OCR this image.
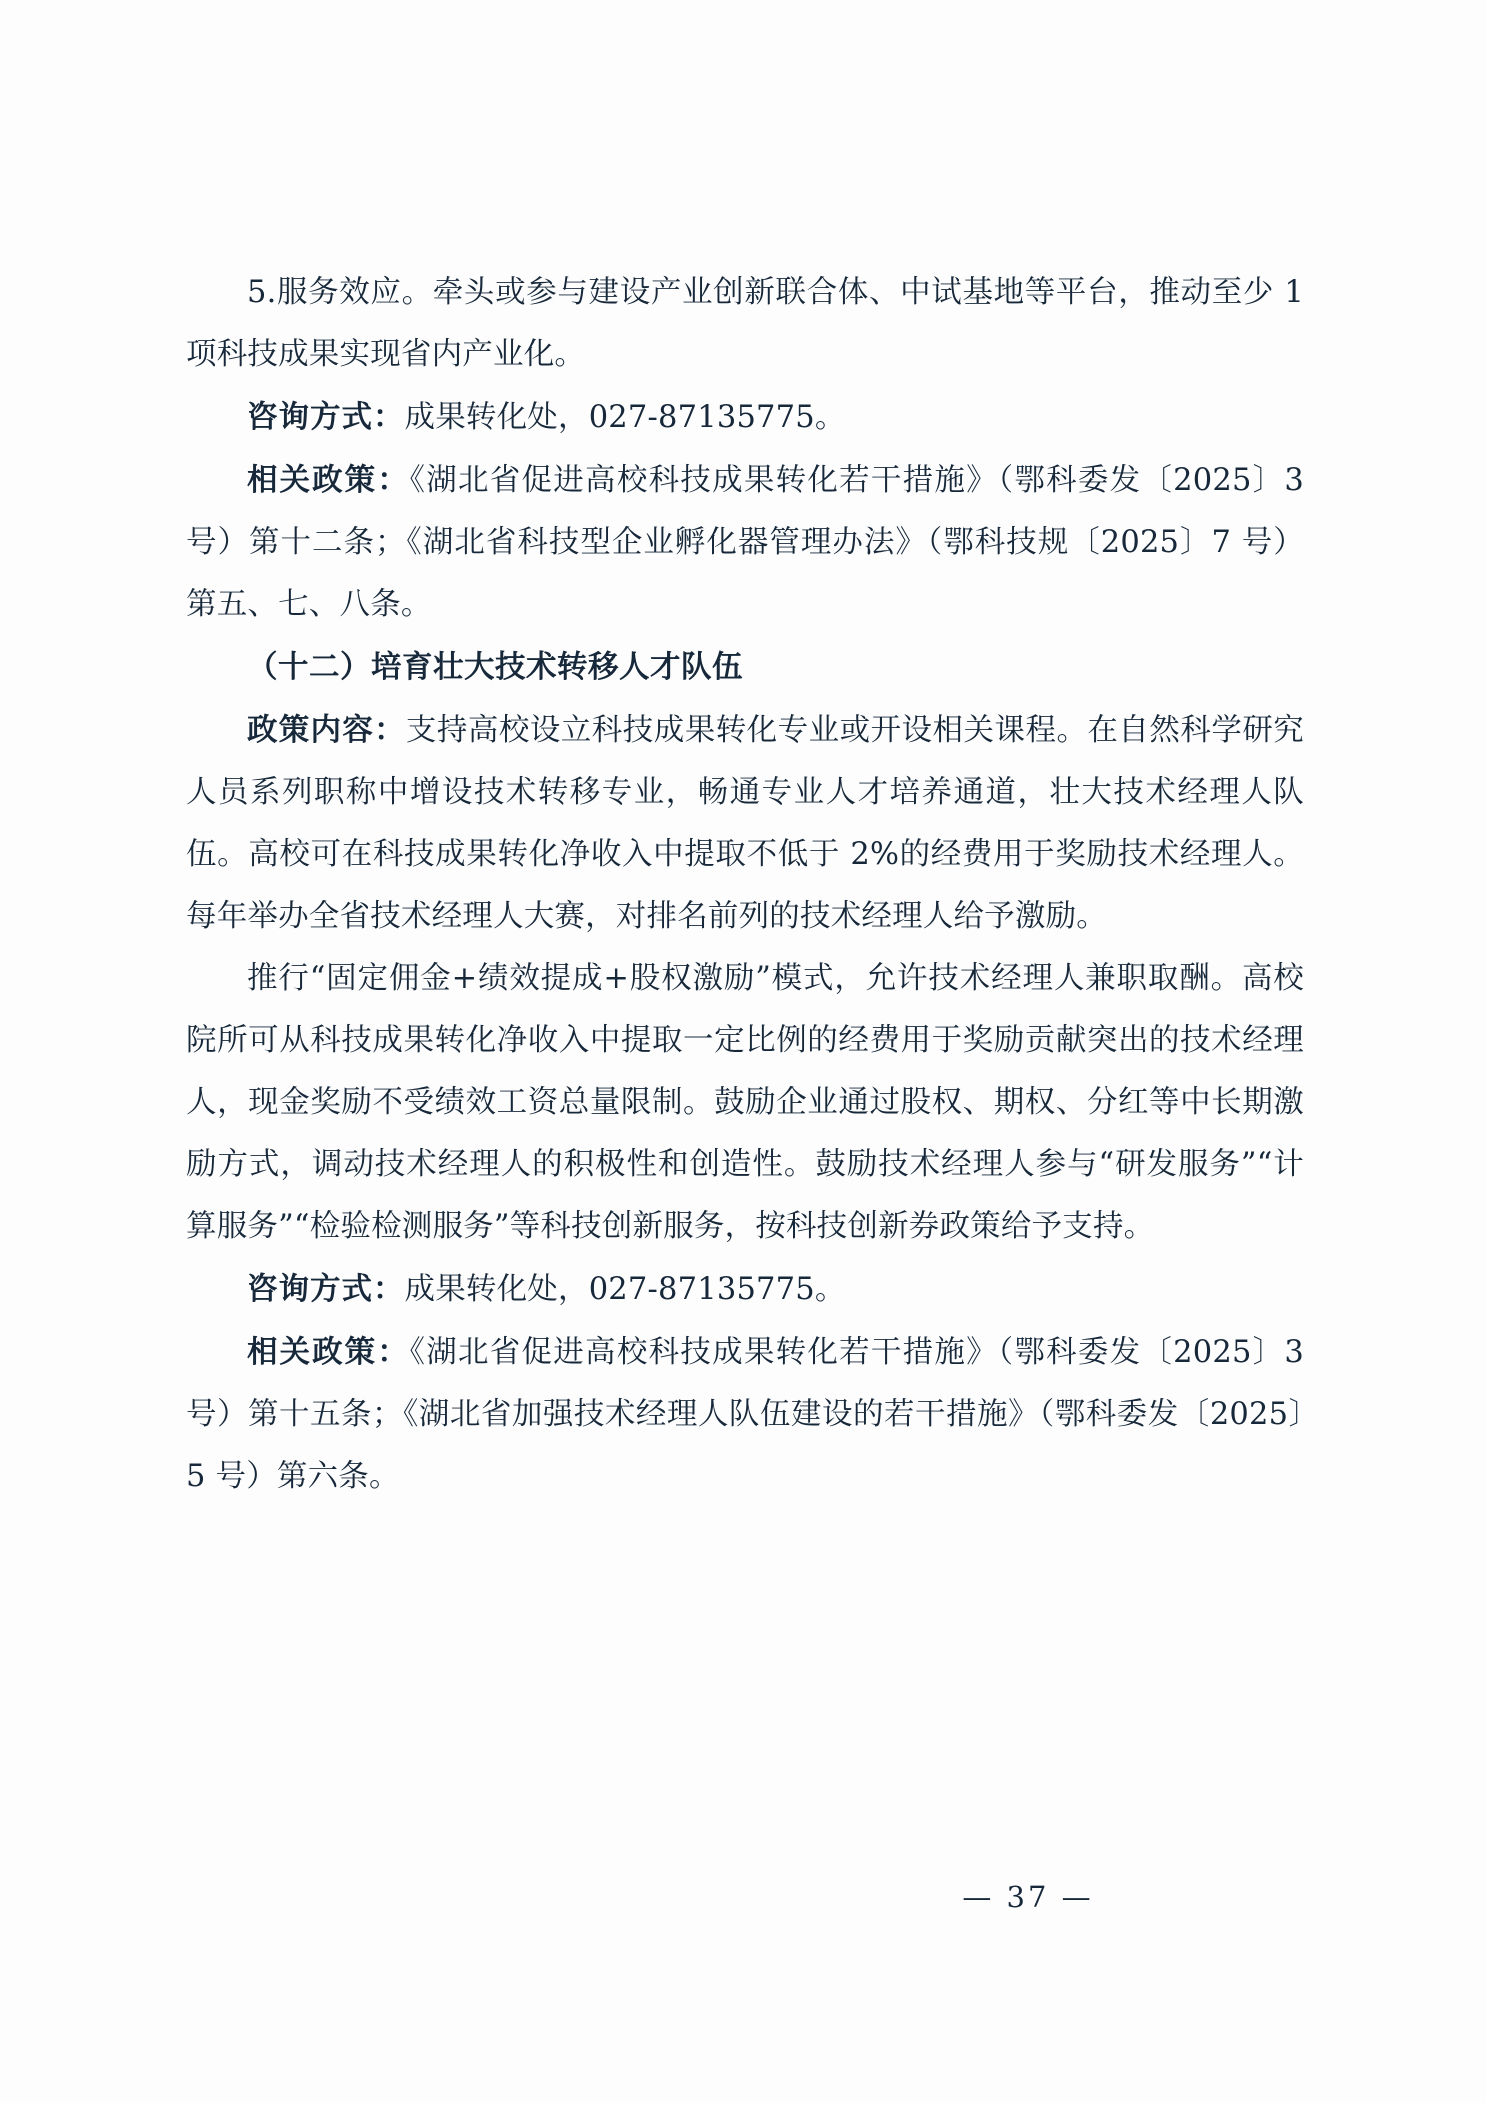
5.服务效应。牵头或参与建设产业创新联合体、中试基地等平台，推动至少 1 项科技成果实现省内产业化。

咨询方式：成果转化处，027-87135775。

相关政策：《湖北省促进高校科技成果转化若干措施》（鄂科委发〔2025〕3 号）第十二条；《湖北省科技型企业孵化器管理办法》（鄂科技规〔2025〕7 号）第五、七、八条。

（十二）培育壮大技术转移人才队伍

政策内容：支持高校设立科技成果转化专业或开设相关课程。在自然科学研究人员系列职称中增设技术转移专业，畅通专业人才培养通道，壮大技术经理人队伍。高校可在科技成果转化净收入中提取不低于 2%的经费用于奖励技术经理人。每年举办全省技术经理人大赛，对排名前列的技术经理人给予激励。

推行“固定佣金+绩效提成+股权激励”模式，允许技术经理人兼职取酬。高校院所可从科技成果转化净收入中提取一定比例的经费用于奖励贡献突出的技术经理人，现金奖励不受绩效工资总量限制。鼓励企业通过股权、期权、分红等中长期激励方式，调动技术经理人的积极性和创造性。鼓励技术经理人参与“研发服务”“计算服务”“检验检测服务”等科技创新服务，按科技创新券政策给予支持。

咨询方式：成果转化处，027-87135775。

相关政策：《湖北省促进高校科技成果转化若干措施》（鄂科委发〔2025〕3 号）第十五条；《湖北省加强技术经理人队伍建设的若干措施》（鄂科委发〔2025〕5 号）第六条。

— 37 —
